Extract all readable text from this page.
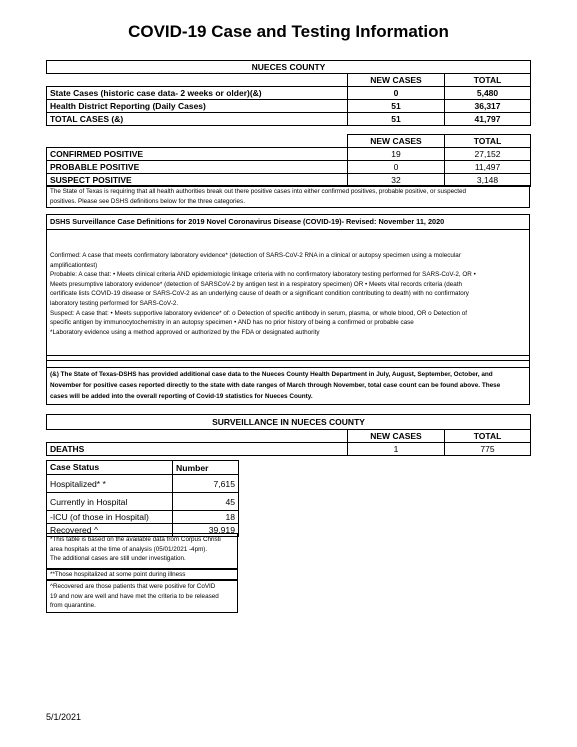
COVID-19 Case and Testing Information
NUECES COUNTY		
	NEW CASES	TOTAL
State Cases (historic case data- 2 weeks or older)(&)	0	5,480
Health District Reporting (Daily Cases)	51	36,317
TOTAL CASES (&)	51	41,797
	NEW CASES	TOTAL
CONFIRMED POSITIVE	19	27,152
PROBABLE POSITIVE	0	11,497
SUSPECT POSITIVE	32	3,148
The State of Texas is requiring that all health authorities break out there positive cases into either confirmed positives, probable positive, or suspected
positives. Please see DSHS definitions below for the three categories.
DSHS Surveillance Case Definitions for 2019 Novel Coronavirus Disease (COVID-19)- Revised: November 11, 2020
Confirmed: A case that meets confirmatory laboratory evidence* (detection of SARS-CoV-2 RNA in a clinical or autopsy specimen using a molecular
amplificationtest)
Probable: A case that: • Meets clinical criteria AND epidemiologic linkage criteria with no confirmatory laboratory testing performed for SARS-CoV-2, OR •
Meets presumptive laboratory evidence* (detection of SARSCoV-2 by antigen test in a respiratory specimen) OR • Meets vital records criteria (death
certificate lists COVID-19 disease or SARS-CoV-2 as an underlying cause of death or a significant condition contributing to death) with no confirmatory
laboratory testing performed for SARS-CoV-2.
Suspect: A case that: • Meets supportive laboratory evidence* of: o Detection of specific antibody in serum, plasma, or whole blood, OR o Detection of
specific antigen by immunocytochemistry in an autopsy specimen • AND has no prior history of being a confirmed or probable case
*Laboratory evidence using a method approved or authorized by the FDA or designated authority
(&) The State of Texas-DSHS has provided additional case data to the Nueces County Health Department in July, August, September, October, and
November for positive cases reported directly to the state with date ranges of March through November, total case count can be found above. These
cases will be added into the overall reporting of Covid-19 statistics for Nueces County.
SURVEILLANCE IN NUECES COUNTY		
	NEW CASES	TOTAL
DEATHS	1	775
Case Status	Number
Hospitalized* *	7,615
Currently in Hospital	45
-ICU (of those in Hospital)	18
Recovered ^	39,919
*This table is based on the available data from Corpus Christi
area hospitals at the time of analysis (05/01/2021 -4pm).
The additional cases are still under investigation.
**Those hospitalized at some point during illness
^Recovered are those patients that were positive for CoVID
19 and now are well and have met the criteria to be released
from quarantine.
5/1/2021
